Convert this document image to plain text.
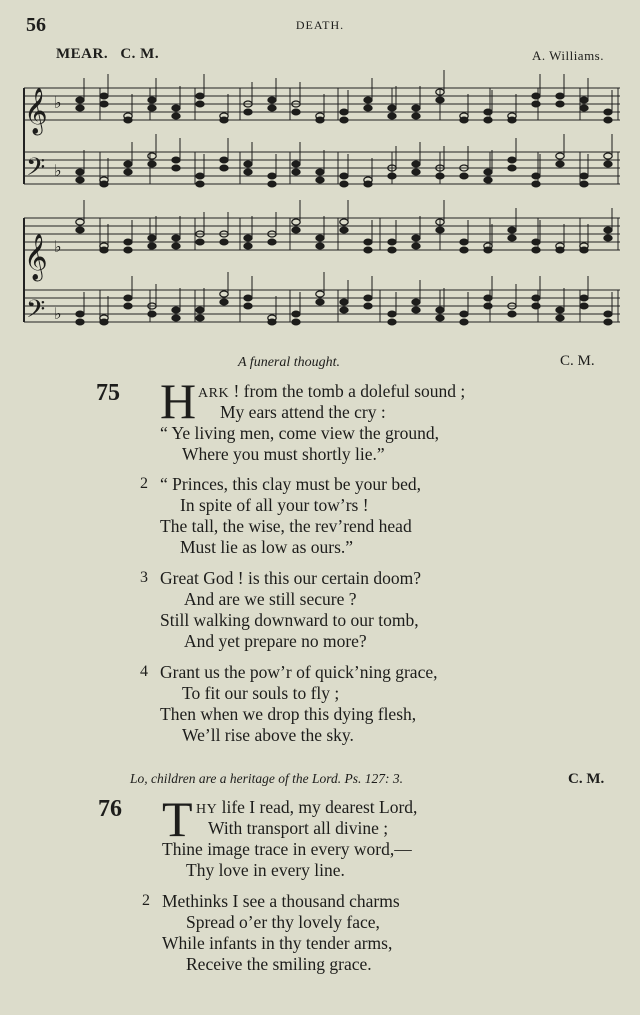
56	DEATH.
MEAR. C. M.	A. Williams.
𝄞
𝄞
𝄢
𝄢
♭
♭
♭
♭
A funeral thought.	C. M.
75 H ARK ! from the tomb a doleful sound ;
My ears attend the cry :
“ Ye living men, come view the ground,
Where you must shortly lie.”
2 “ Princes, this clay must be your bed,
In spite of all your tow’rs !
The tall, the wise, the rev’rend head
Must lie as low as ours.”
3 Great God ! is this our certain doom?
And are we still secure ?
Still walking downward to our tomb,
And yet prepare no more?
4 Grant us the pow’r of quick’ning grace,
To fit our souls to fly ;
Then when we drop this dying flesh,
We’ll rise above the sky.
Lo, children are a heritage of the Lord. Ps. 127: 3.	C. M.
76 T HY life I read, my dearest Lord,
With transport all divine ;
Thine image trace in every word,—
Thy love in every line.
2 Methinks I see a thousand charms
Spread o’er thy lovely face,
While infants in thy tender arms,
Receive the smiling grace.
